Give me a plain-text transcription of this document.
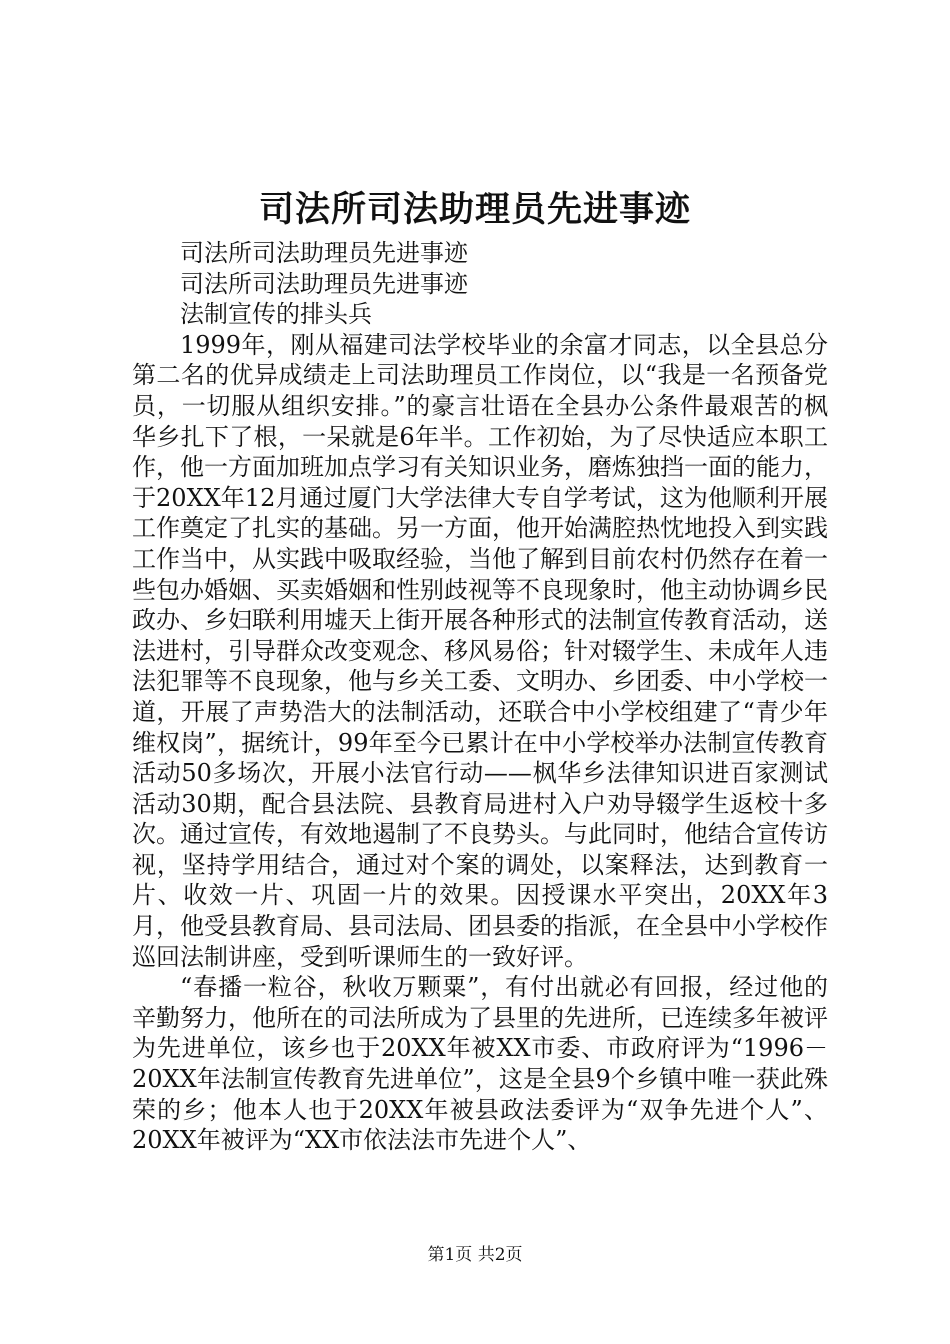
司法所司法助理员先进事迹

司法所司法助理员先进事迹

司法所司法助理员先进事迹

法制宣传的排头兵

1999年，刚从福建司法学校毕业的余富才同志，以全县总分第二名的优异成绩走上司法助理员工作岗位，以“我是一名预备党员，一切服从组织安排。”的豪言壮语在全县办公条件最艰苦的枫华乡扎下了根，一呆就是6年半。工作初始，为了尽快适应本职工作，他一方面加班加点学习有关知识业务，磨炼独挡一面的能力，于20XX年12月通过厦门大学法律大专自学考试，这为他顺利开展工作奠定了扎实的基础。另一方面，他开始满腔热忱地投入到实践工作当中，从实践中吸取经验，当他了解到目前农村仍然存在着一些包办婚姻、买卖婚姻和性别歧视等不良现象时，他主动协调乡民政办、乡妇联利用墟天上街开展各种形式的法制宣传教育活动，送法进村，引导群众改变观念、移风易俗；针对辍学生、未成年人违法犯罪等不良现象，他与乡关工委、文明办、乡团委、中小学校一道，开展了声势浩大的法制活动，还联合中小学校组建了“青少年维权岗”，据统计，99年至今已累计在中小学校举办法制宣传教育活动50多场次，开展小法官行动——枫华乡法律知识进百家测试活动30期，配合县法院、县教育局进村入户劝导辍学生返校十多次。通过宣传，有效地遏制了不良势头。与此同时，他结合宣传访视，坚持学用结合，通过对个案的调处，以案释法，达到教育一片、收效一片、巩固一片的效果。因授课水平突出，20XX年3月，他受县教育局、县司法局、团县委的指派，在全县中小学校作巡回法制讲座，受到听课师生的一致好评。

“春播一粒谷，秋收万颗粟”，有付出就必有回报，经过他的辛勤努力，他所在的司法所成为了县里的先进所，已连续多年被评为先进单位，该乡也于20XX年被XX市委、市政府评为“1996－20XX年法制宣传教育先进单位”，这是全县9个乡镇中唯一获此殊荣的乡；他本人也于20XX年被县政法委评为“双争先进个人”、20XX年被评为“XX市依法法市先进个人”、

第1页 共2页
